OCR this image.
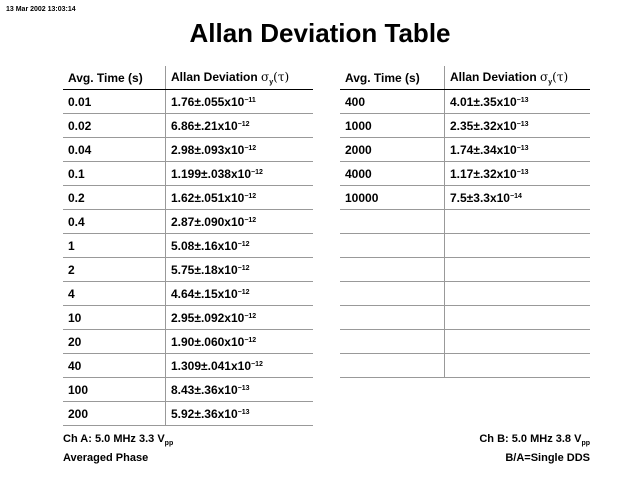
13 Mar 2002 13:03:14
Allan Deviation Table
Avg. Time (s)	Allan Deviation $\sigma_y(\tau)$
0.01	$1.76\pm.055x10^{-11}$
0.02	$6.86\pm.21x10^{-12}$
0.04	$2.98\pm.093x10^{-12}$
0.1	$1.199\pm.038x10^{-12}$
0.2	$1.62\pm.051x10^{-12}$
0.4	$2.87\pm.090x10^{-12}$
1	$5.08\pm.16x10^{-12}$
2	$5.75\pm.18x10^{-12}$
4	$4.64\pm.15x10^{-12}$
10	$2.95\pm.092x10^{-12}$
20	$1.90\pm.060x10^{-12}$
40	$1.309\pm.041x10^{-12}$
100	$8.43\pm.36x10^{-13}$
200	$5.92\pm.36x10^{-13}$
Avg. Time (s)	Allan Deviation $\sigma_y(\tau)$
400	$4.01\pm.35x10^{-13}$
1000	$2.35\pm.32x10^{-13}$
2000	$1.74\pm.34x10^{-13}$
4000	$1.17\pm.32x10^{-13}$
10000	$7.5\pm 3.3x10^{-14}$

Ch A: 5.0 MHz 3.3 $V_{pp}$
Averaged Phase
Ch B: 5.0 MHz 3.8 $V_{pp}$
B/A=Single DDS
